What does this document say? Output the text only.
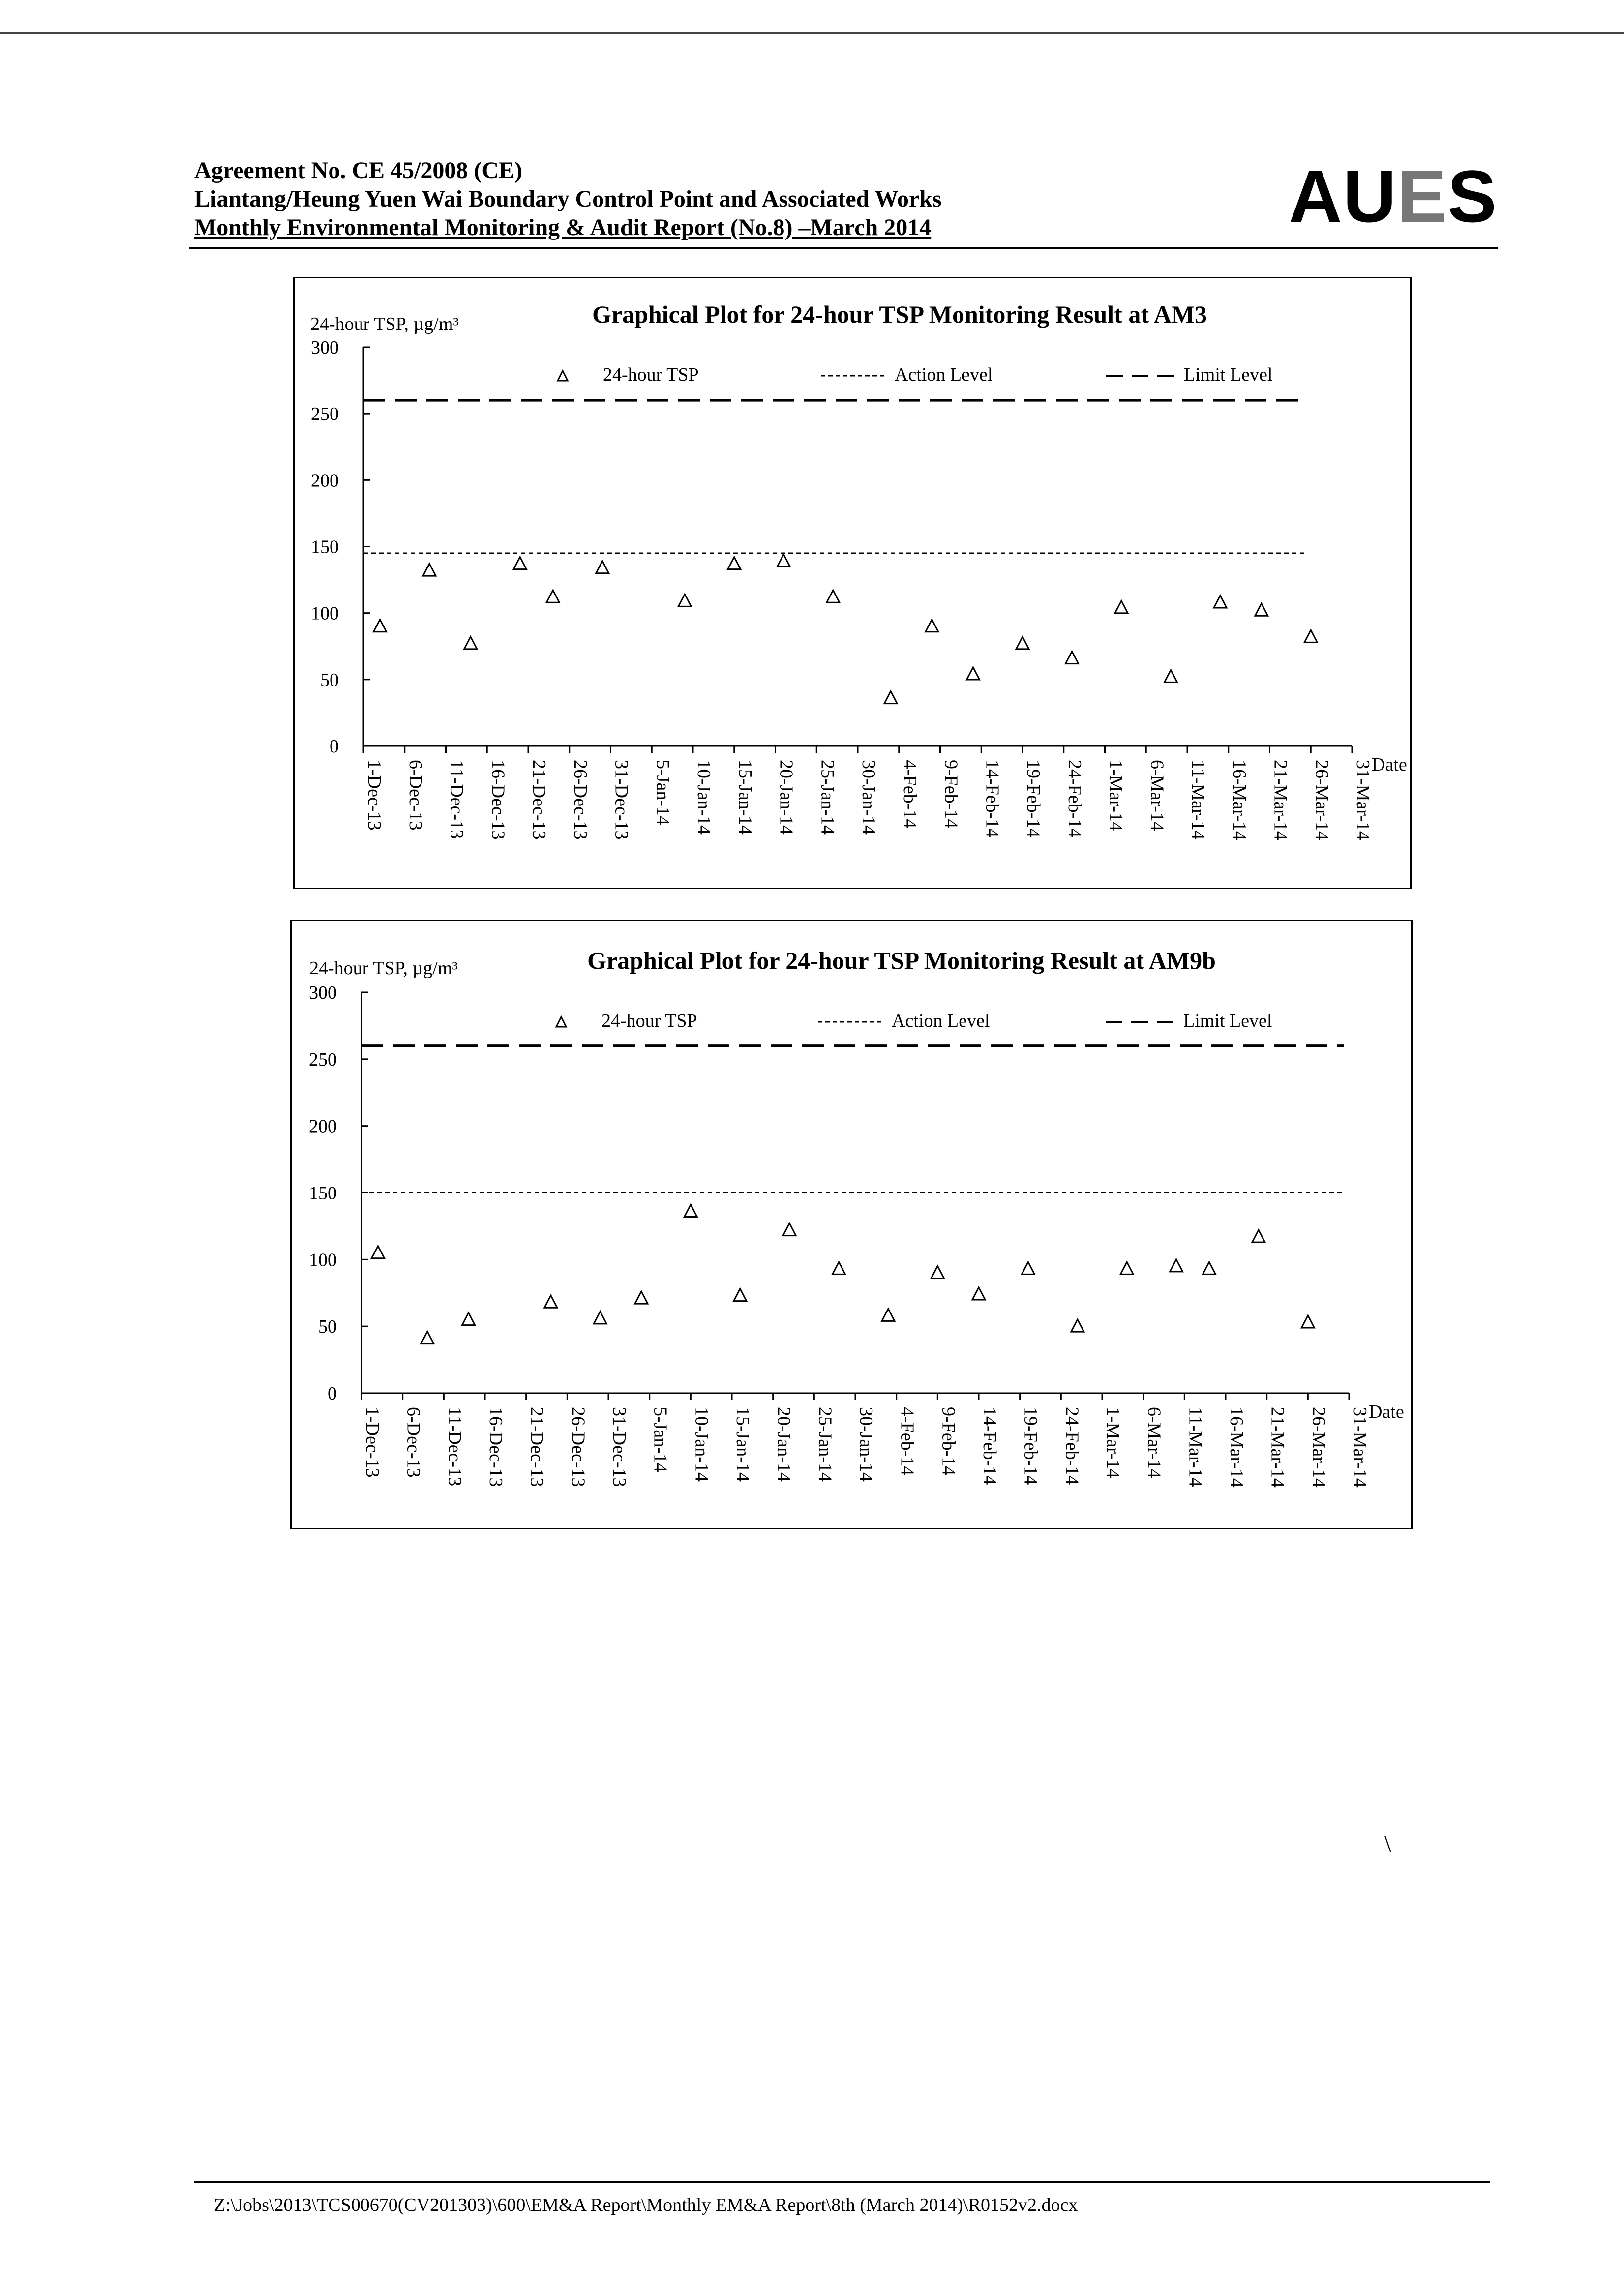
Agreement No. CE 45/2008 (CE)
Liantang/Heung Yuen Wai Boundary Control Point and Associated Works
Monthly Environmental Monitoring & Audit Report (No.8) –March 2014	AUES
Graphical Plot for 24-hour TSP Monitoring Result at AM3
24-hour TSP, µg/m³
Date
0
50
100
150
200
250
300
1-Dec-13 6-Dec-13 11-Dec-13 16-Dec-13 21-Dec-13 26-Dec-13 31-Dec-13 5-Jan-14 10-Jan-14 15-Jan-14 20-Jan-14 25-Jan-14 30-Jan-14 4-Feb-14 9-Feb-14 14-Feb-14 19-Feb-14 24-Feb-14 1-Mar-14 6-Mar-14 11-Mar-14 16-Mar-14 21-Mar-14 26-Mar-14 31-Mar-14
24-hour TSP	Action Level	Limit Level
Graphical Plot for 24-hour TSP Monitoring Result at AM9b
24-hour TSP, µg/m³
Date
0
50
100
150
200
250
300
1-Dec-13 6-Dec-13 11-Dec-13 16-Dec-13 21-Dec-13 26-Dec-13 31-Dec-13 5-Jan-14 10-Jan-14 15-Jan-14 20-Jan-14 25-Jan-14 30-Jan-14 4-Feb-14 9-Feb-14 14-Feb-14 19-Feb-14 24-Feb-14 1-Mar-14 6-Mar-14 11-Mar-14 16-Mar-14 21-Mar-14 26-Mar-14 31-Mar-14
24-hour TSP	Action Level	Limit Level
\
Z:\Jobs\2013\TCS00670(CV201303)\600\EM&A Report\Monthly EM&A Report\8th (March 2014)\R0152v2.docx
